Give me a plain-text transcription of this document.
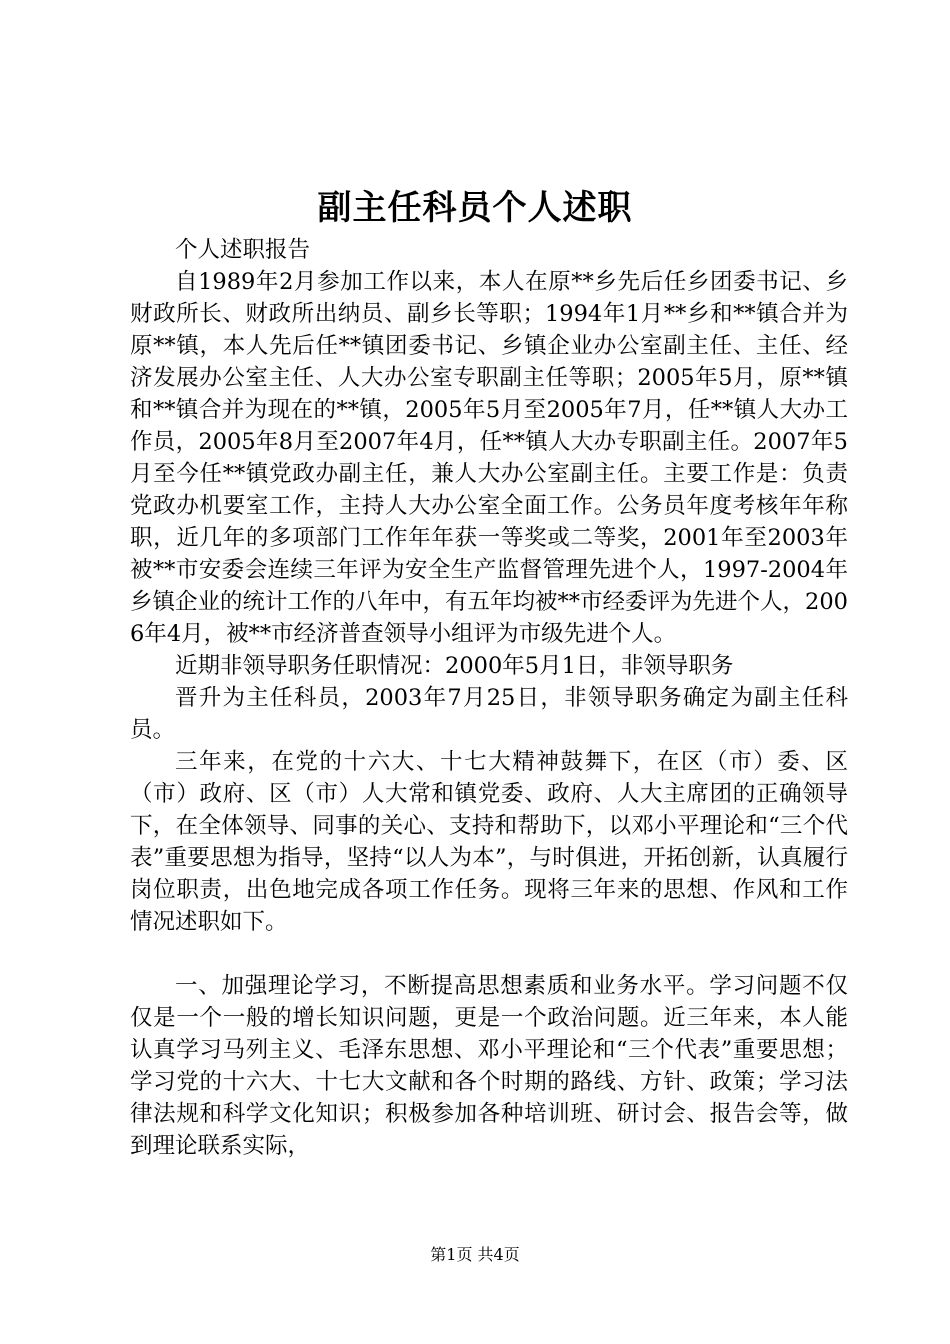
副主任科员个人述职

个人述职报告

自1989年2月参加工作以来，本人在原**乡先后任乡团委书记、乡财政所长、财政所出纳员、副乡长等职；1994年1月**乡和**镇合并为原**镇，本人先后任**镇团委书记、乡镇企业办公室副主任、主任、经济发展办公室主任、人大办公室专职副主任等职；2005年5月，原**镇和**镇合并为现在的**镇，2005年5月至2005年7月，任**镇人大办工作员，2005年8月至2007年4月，任**镇人大办专职副主任。2007年5月至今任**镇党政办副主任，兼人大办公室副主任。主要工作是：负责党政办机要室工作，主持人大办公室全面工作。公务员年度考核年年称职，近几年的多项部门工作年年获一等奖或二等奖，2001年至2003年被**市安委会连续三年评为安全生产监督管理先进个人，1997-2004年乡镇企业的统计工作的八年中，有五年均被**市经委评为先进个人，2006年4月，被**市经济普查领导小组评为市级先进个人。

近期非领导职务任职情况：2000年5月1日，非领导职务

晋升为主任科员，2003年7月25日，非领导职务确定为副主任科员。

三年来，在党的十六大、十七大精神鼓舞下，在区（市）委、区（市）政府、区（市）人大常和镇党委、政府、人大主席团的正确领导下，在全体领导、同事的关心、支持和帮助下，以邓小平理论和“三个代表”重要思想为指导，坚持“以人为本”，与时俱进，开拓创新，认真履行岗位职责，出色地完成各项工作任务。现将三年来的思想、作风和工作情况述职如下。

一、加强理论学习，不断提高思想素质和业务水平。学习问题不仅仅是一个一般的增长知识问题，更是一个政治问题。近三年来，本人能认真学习马列主义、毛泽东思想、邓小平理论和“三个代表”重要思想；学习党的十六大、十七大文献和各个时期的路线、方针、政策；学习法律法规和科学文化知识；积极参加各种培训班、研讨会、报告会等，做到理论联系实际，

第1页 共4页
